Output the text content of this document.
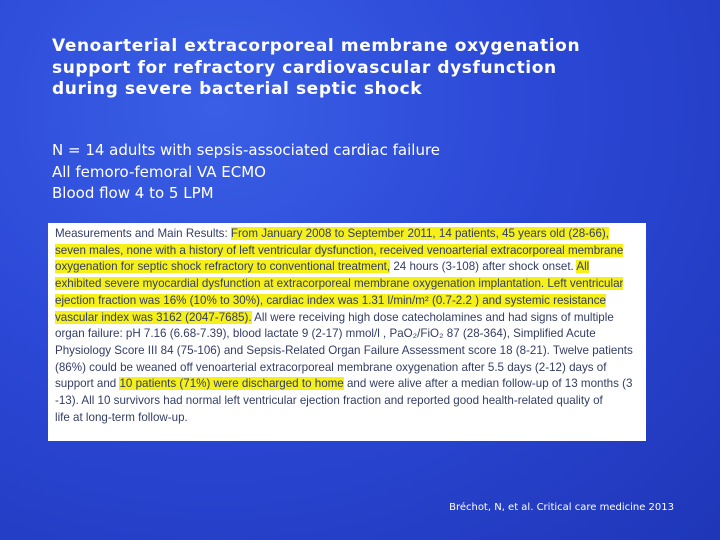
Venoarterial extracorporeal membrane oxygenation
support for refractory cardiovascular dysfunction
during severe bacterial septic shock
N = 14 adults with sepsis-associated cardiac failure
All femoro-femoral VA ECMO
Blood flow 4 to 5 LPM
Measurements and Main Results: From January 2008 to September 2011, 14 patients, 45 years old (28-66),
seven males, none with a history of left ventricular dysfunction, received venoarterial extracorporeal membrane
oxygenation for septic shock refractory to conventional treatment, 24 hours (3-108) after shock onset. All
exhibited severe myocardial dysfunction at extracorporeal membrane oxygenation implantation. Left ventricular
ejection fraction was 16% (10% to 30%), cardiac index was 1.31 l/min/m² (0.7-2.2 ) and systemic resistance
vascular index was 3162 (2047-7685). All were receiving high dose catecholamines and had signs of multiple
organ failure: pH 7.16 (6.68-7.39), blood lactate 9 (2-17) mmol/l , PaO₂/FiO₂ 87 (28-364), Simplified Acute
Physiology Score III 84 (75-106) and Sepsis-Related Organ Failure Assessment score 18 (8-21). Twelve patients
(86%) could be weaned off venoarterial extracorporeal membrane oxygenation after 5.5 days (2-12) days of
support and 10 patients (71%) were discharged to home and were alive after a median follow-up of 13 months (3
-13). All 10 survivors had normal left ventricular ejection fraction and reported good health-related quality of
life at long-term follow-up.
Bréchot, N, et al. Critical care medicine 2013
